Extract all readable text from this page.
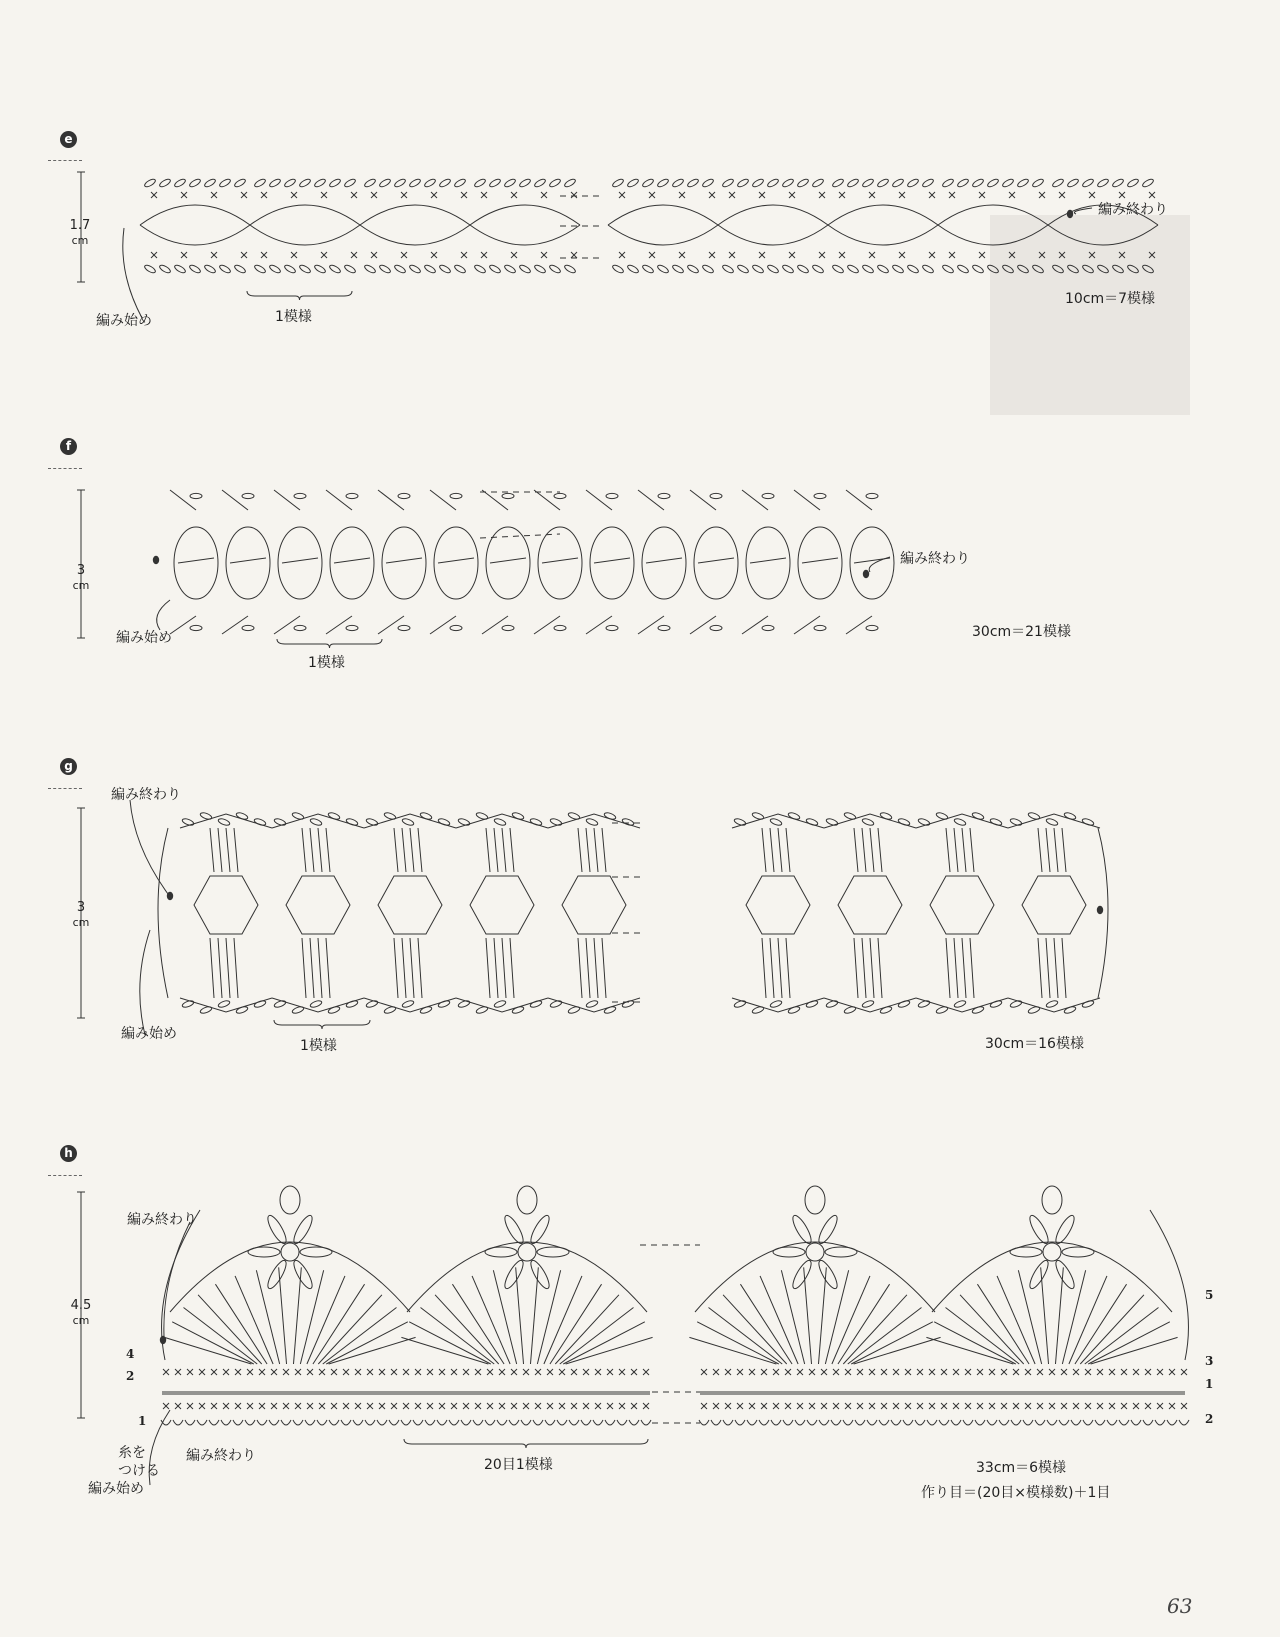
e
1.7
cm
編み始め	1模様
編み終わり
10cm＝7模様
f
3
cm
編み始め
1模様
編み終わり
30cm＝21模様
g
3
cm
編み終わり
編み始め
1模様	30cm＝16模様
h
4.5
cm
編み終わり
4
2
1
5
3
1
2
糸を
つける
編み始め
編み終わり
20目1模様	33cm＝6模様
作り目＝(20目×模様数)＋1目
63
